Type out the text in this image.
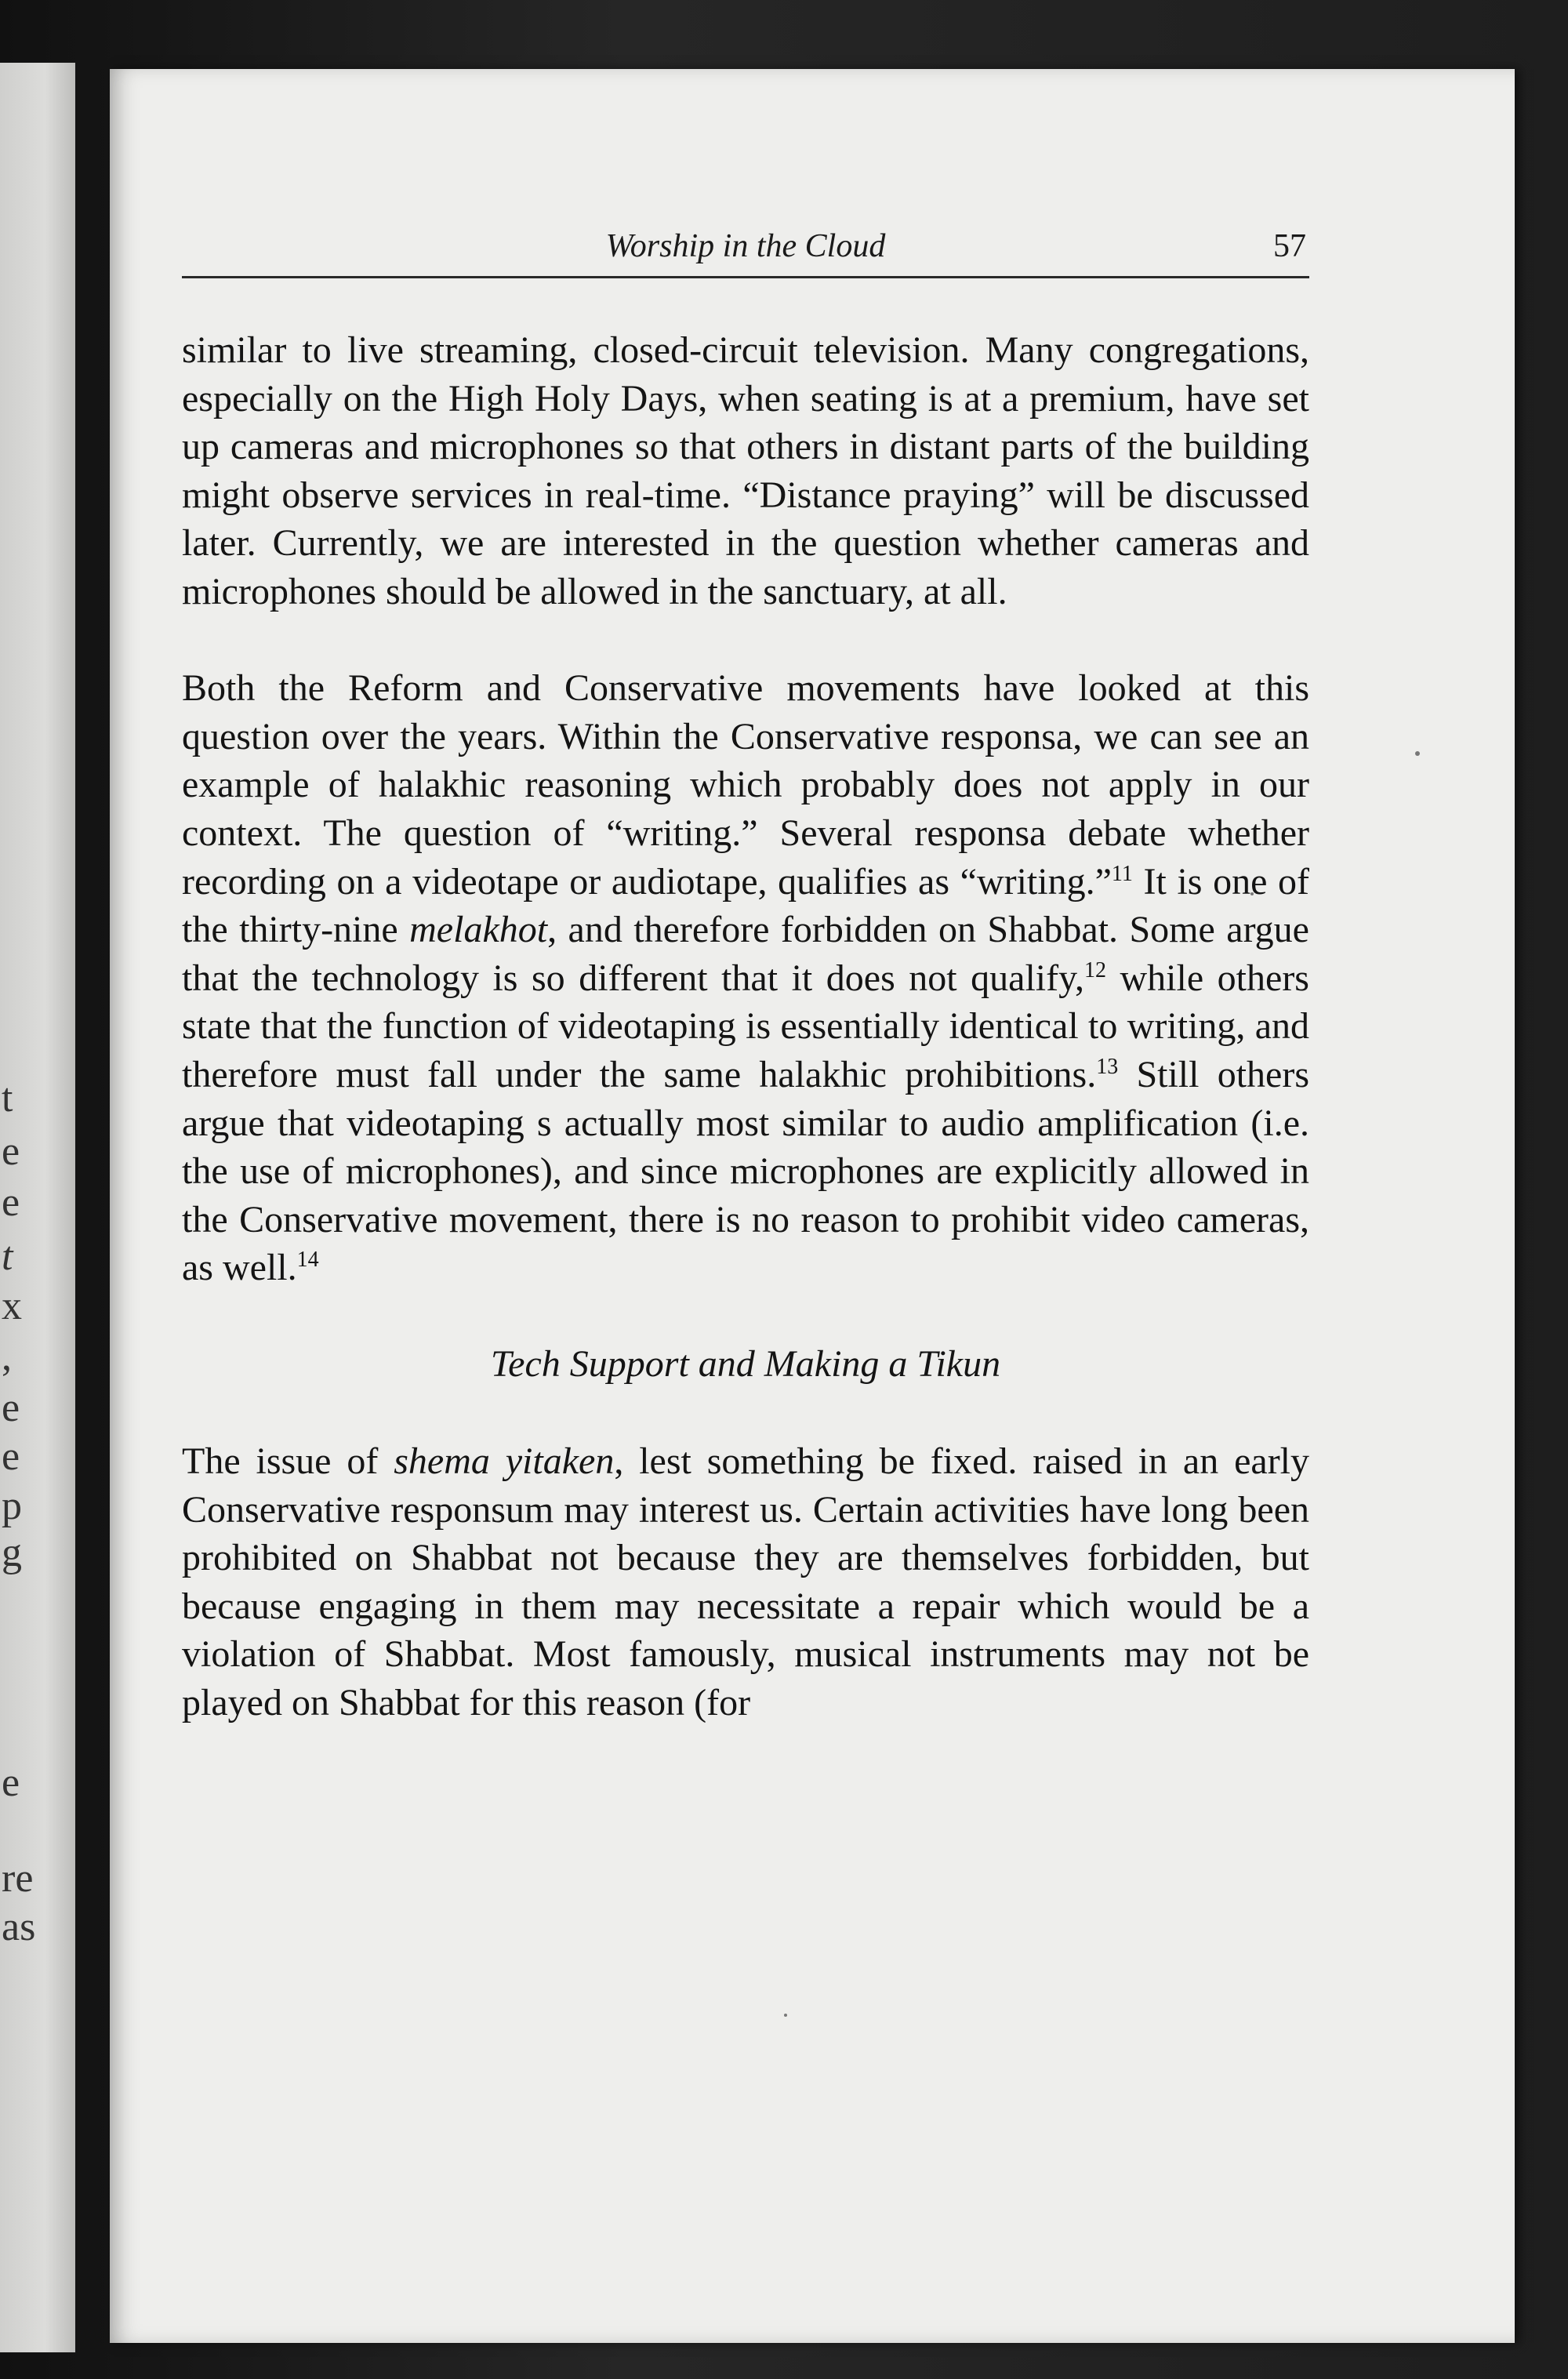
t
e
e
t
x
,
e
e
p
g
e
re
as
Worship in the Cloud	57

similar to live streaming, closed-circuit television. Many congregations, especially on the High Holy Days, when seating is at a premium, have set up cameras and microphones so that others in distant parts of the building might observe services in real-time. “Distance praying” will be discussed later. Currently, we are interested in the question whether cameras and microphones should be allowed in the sanctuary, at all.

Both the Reform and Conservative movements have looked at this question over the years. Within the Conservative responsa, we can see an example of halakhic reasoning which probably does not apply in our context. The question of “writing.” Several responsa debate whether recording on a videotape or audiotape, qualifies as “writing.”$^{11}$ It is one of the thirty-nine melakhot, and therefore forbidden on Shabbat. Some argue that the technology is so different that it does not qualify,$^{12}$ while others state that the function of videotaping is essentially identical to writing, and therefore must fall under the same halakhic prohibitions.$^{13}$ Still others argue that videotaping s actually most similar to audio amplification (i.e. the use of microphones), and since microphones are explicitly allowed in the Conservative movement, there is no reason to prohibit video cameras, as well.$^{14}$

Tech Support and Making a Tikun

The issue of shema yitaken, lest something be fixed. raised in an early Conservative responsum may interest us. Certain activities have long been prohibited on Shabbat not because they are themselves forbidden, but because engaging in them may necessitate a repair which would be a violation of Shabbat. Most famously, musical instruments may not be played on Shabbat for this reason (for
